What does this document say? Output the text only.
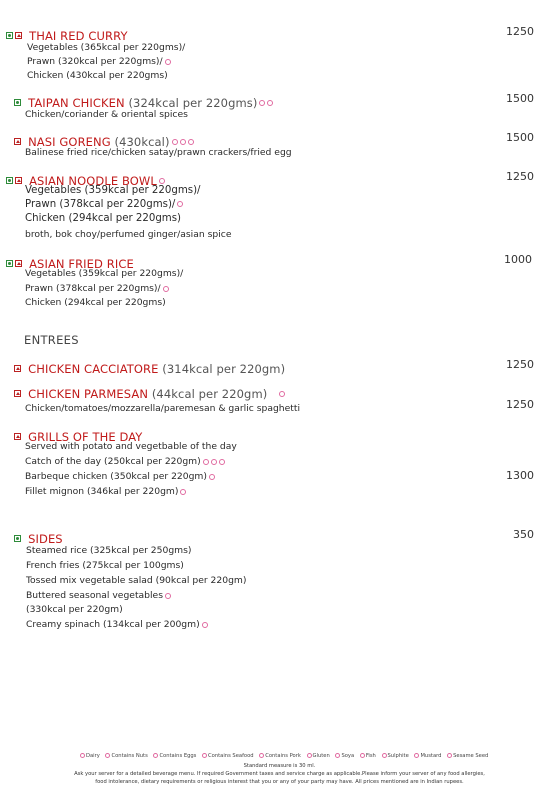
THAI RED CURRY
Vegetables (365kcal per 220gms)/
Prawn (320kcal per 220gms)/
Chicken (430kcal per 220gms)
1250
TAIPAN CHICKEN (324kcal per 220gms)
Chicken/coriander & oriental spices
1500
NASI GORENG (430kcal)
Balinese fried rice/chicken satay/prawn crackers/fried egg
1500
ASIAN NOODLE BOWL
Vegetables (359kcal per 220gms)/
Prawn (378kcal per 220gms)/
Chicken (294kcal per 220gms)
broth, bok choy/perfumed ginger/asian spice
1250
ASIAN FRIED RICE
Vegetables (359kcal per 220gms)/
Prawn (378kcal per 220gms)/
Chicken (294kcal per 220gms)
1000
ENTREES
CHICKEN CACCIATORE (314kcal per 220gm)	1250
CHICKEN PARMESAN (44kcal per 220gm)
Chicken/tomatoes/mozzarella/paremesan & garlic spaghetti	1250
GRILLS OF THE DAY
Served with potato and vegetbable of the day
Catch of the day (250kcal per 220gm)
Barbeque chicken (350kcal per 220gm)
Fillet mignon (346kal per 220gm)
1300
SIDES
Steamed rice (325kcal per 250gms)
French fries (275kcal per 100gms)
Tossed mix vegetable salad (90kcal per 220gm)
Buttered seasonal vegetables
(330kcal per 220gm)
Creamy spinach (134kcal per 200gm)
350
Dairy Contains Nuts Contains Eggs Contains Seafood Contains Pork Gluten Soya Fish Sulphite Mustard Sesame Seed
Standard measure is 30 ml.
Ask your server for a detailed beverage menu. If required Government taxes and service charge as applicable.Please inform your server of any food allergies,
food intolerance, dietary requirements or religious interest that you or any of your party may have. All prices mentioned are in Indian rupees.
